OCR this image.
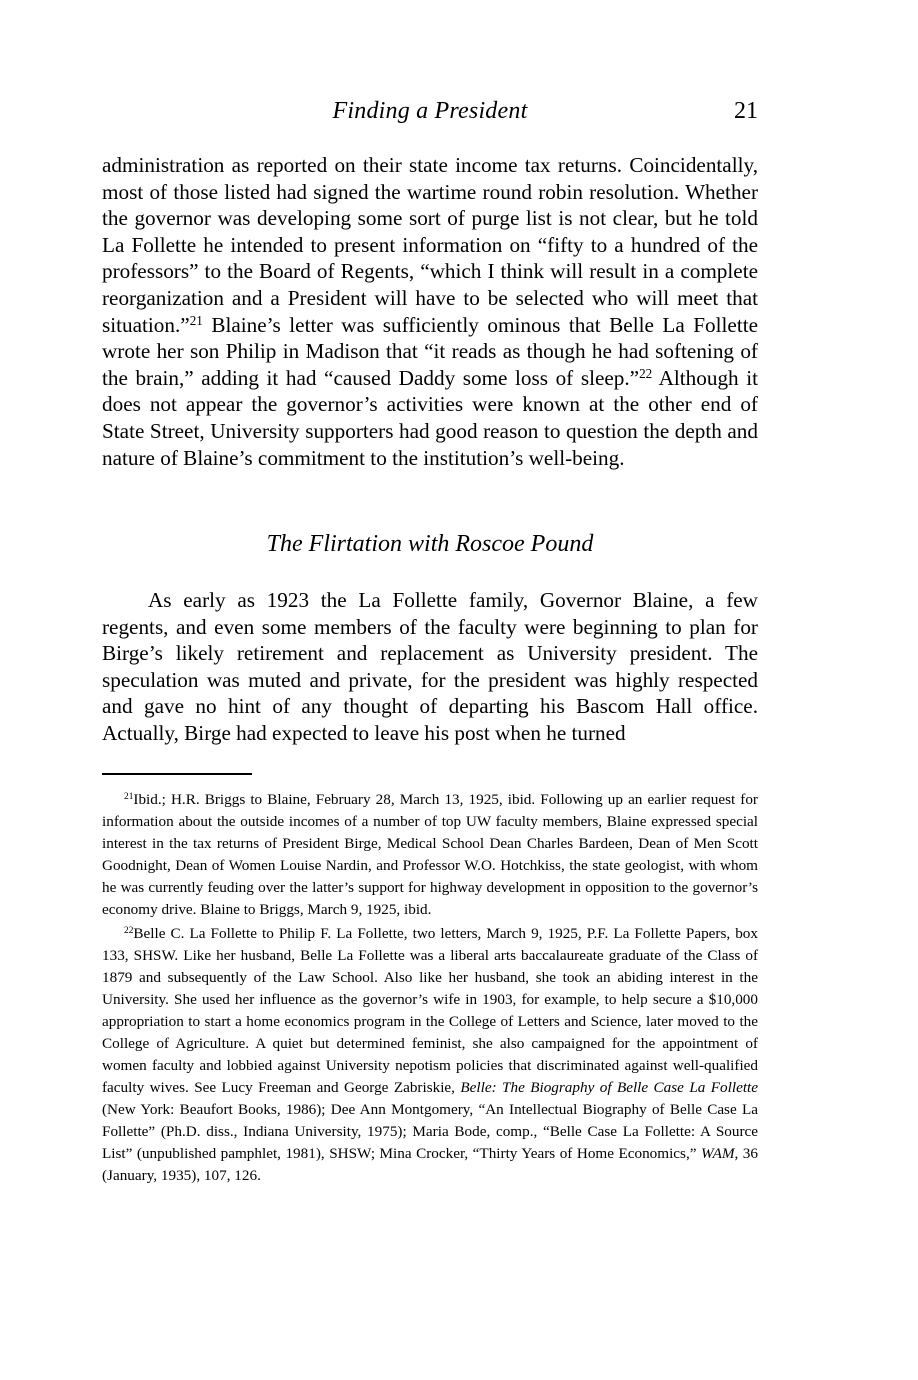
Finding a President	21

administration as reported on their state income tax returns. Coincidentally, most of those listed had signed the wartime round robin resolution. Whether the governor was developing some sort of purge list is not clear, but he told La Follette he intended to present information on “fifty to a hundred of the professors” to the Board of Regents, “which I think will result in a complete reorganization and a President will have to be selected who will meet that situation.”$^{21}$ Blaine’s letter was sufficiently ominous that Belle La Follette wrote her son Philip in Madison that “it reads as though he had softening of the brain,” adding it had “caused Daddy some loss of sleep.”$^{22}$ Although it does not appear the governor’s activities were known at the other end of State Street, University supporters had good reason to question the depth and nature of Blaine’s commitment to the institution’s well-being.

The Flirtation with Roscoe Pound

As early as 1923 the La Follette family, Governor Blaine, a few regents, and even some members of the faculty were beginning to plan for Birge’s likely retirement and replacement as University president. The speculation was muted and private, for the president was highly respected and gave no hint of any thought of departing his Bascom Hall office. Actually, Birge had expected to leave his post when he turned

$^{21}$Ibid.; H.R. Briggs to Blaine, February 28, March 13, 1925, ibid. Following up an earlier request for information about the outside incomes of a number of top UW faculty members, Blaine expressed special interest in the tax returns of President Birge, Medical School Dean Charles Bardeen, Dean of Men Scott Goodnight, Dean of Women Louise Nardin, and Professor W.O. Hotchkiss, the state geologist, with whom he was currently feuding over the latter’s support for highway development in opposition to the governor’s economy drive. Blaine to Briggs, March 9, 1925, ibid.

$^{22}$Belle C. La Follette to Philip F. La Follette, two letters, March 9, 1925, P.F. La Follette Papers, box 133, SHSW. Like her husband, Belle La Follette was a liberal arts baccalaureate graduate of the Class of 1879 and subsequently of the Law School. Also like her husband, she took an abiding interest in the University. She used her influence as the governor’s wife in 1903, for example, to help secure a $10,000 appropriation to start a home economics program in the College of Letters and Science, later moved to the College of Agriculture. A quiet but determined feminist, she also campaigned for the appointment of women faculty and lobbied against University nepotism policies that discriminated against well-qualified faculty wives. See Lucy Freeman and George Zabriskie, Belle: The Biography of Belle Case La Follette (New York: Beaufort Books, 1986); Dee Ann Montgomery, “An Intellectual Biography of Belle Case La Follette” (Ph.D. diss., Indiana University, 1975); Maria Bode, comp., “Belle Case La Follette: A Source List” (unpublished pamphlet, 1981), SHSW; Mina Crocker, “Thirty Years of Home Economics,” WAM, 36 (January, 1935), 107, 126.
